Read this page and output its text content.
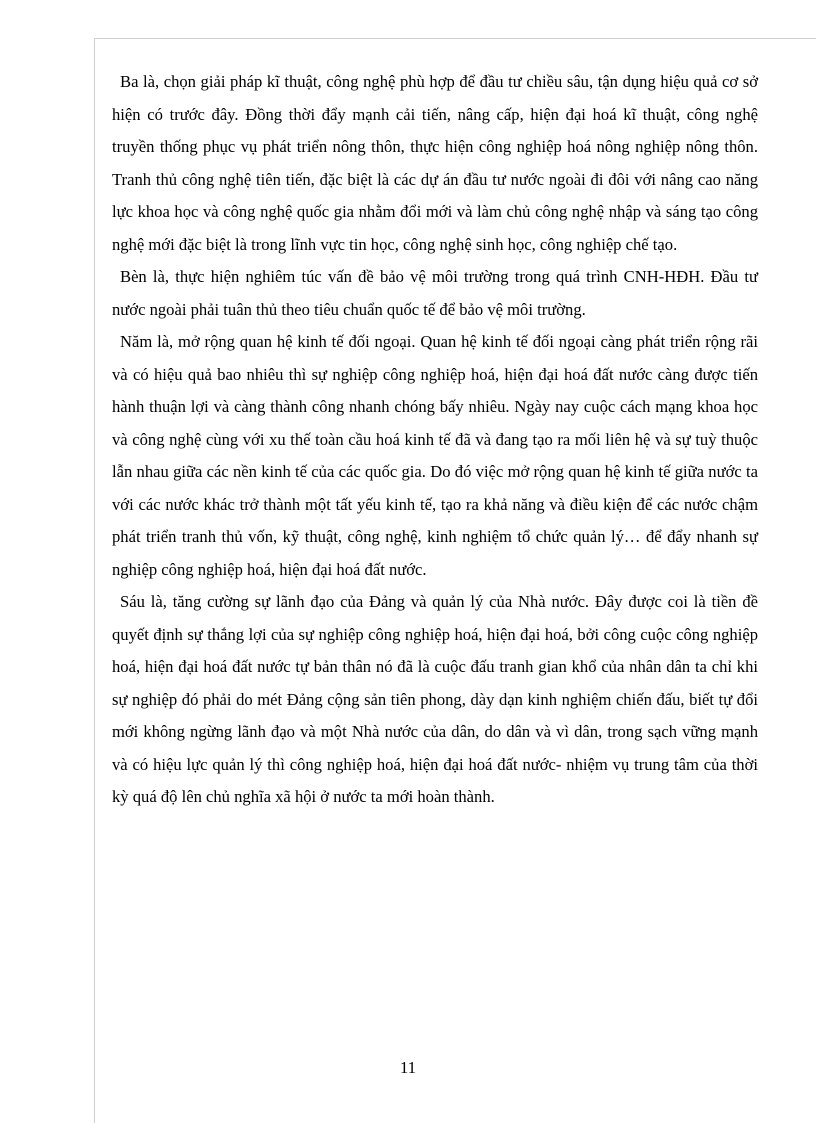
Ba là, chọn giải pháp kĩ thuật, công nghệ phù hợp để đầu tư chiều sâu, tận dụng hiệu quả cơ sở hiện có trước đây. Đồng thời đẩy mạnh cải tiến, nâng cấp, hiện đại hoá kĩ thuật, công nghệ truyền thống phục vụ phát triển nông thôn, thực hiện công nghiệp hoá nông nghiệp nông thôn. Tranh thủ công nghệ tiên tiến, đặc biệt là các dự án đầu tư nước ngoài đi đôi với nâng cao năng lực khoa học và công nghệ quốc gia nhằm đổi mới và làm chủ công nghệ nhập và sáng tạo công nghệ mới đặc biệt là trong lĩnh vực tin học, công nghệ sinh học, công nghiệp chế tạo.

Bèn là, thực hiện nghiêm túc vấn đề bảo vệ môi trường trong quá trình CNH-HĐH. Đầu tư nước ngoài phải tuân thủ theo tiêu chuẩn quốc tế để bảo vệ môi trường.

Năm là, mở rộng quan hệ kinh tế đối ngoại. Quan hệ kinh tế đối ngoại càng phát triển rộng rãi và có hiệu quả bao nhiêu thì sự nghiệp công nghiệp hoá, hiện đại hoá đất nước càng được tiến hành thuận lợi và càng thành công nhanh chóng bấy nhiêu. Ngày nay cuộc cách mạng khoa học và công nghệ cùng với xu thế toàn cầu hoá kinh tế đã và đang tạo ra mối liên hệ và sự tuỳ thuộc lẫn nhau giữa các nền kinh tế của các quốc gia. Do đó việc mở rộng quan hệ kinh tế giữa nước ta với các nước khác trở thành một tất yếu kinh tế, tạo ra khả năng và điều kiện để các nước chậm phát triển tranh thủ vốn, kỹ thuật, công nghệ, kinh nghiệm tổ chức quản lý… để đẩy nhanh sự nghiệp công nghiệp hoá, hiện đại hoá đất nước.

Sáu là, tăng cường sự lãnh đạo của Đảng và quản lý của Nhà nước. Đây được coi là tiền đề quyết định sự thắng lợi của sự nghiệp công nghiệp hoá, hiện đại hoá, bởi công cuộc công nghiệp hoá, hiện đại hoá đất nước tự bản thân nó đã là cuộc đấu tranh gian khổ của nhân dân ta chỉ khi sự nghiệp đó phải do mét Đảng cộng sản tiên phong, dày dạn kinh nghiệm chiến đấu, biết tự đổi mới không ngừng lãnh đạo và một Nhà nước của dân, do dân và vì dân, trong sạch vững mạnh và có hiệu lực quản lý thì công nghiệp hoá, hiện đại hoá đất nước- nhiệm vụ trung tâm của thời kỳ quá độ lên chủ nghĩa xã hội ở nước ta mới hoàn thành.

11
